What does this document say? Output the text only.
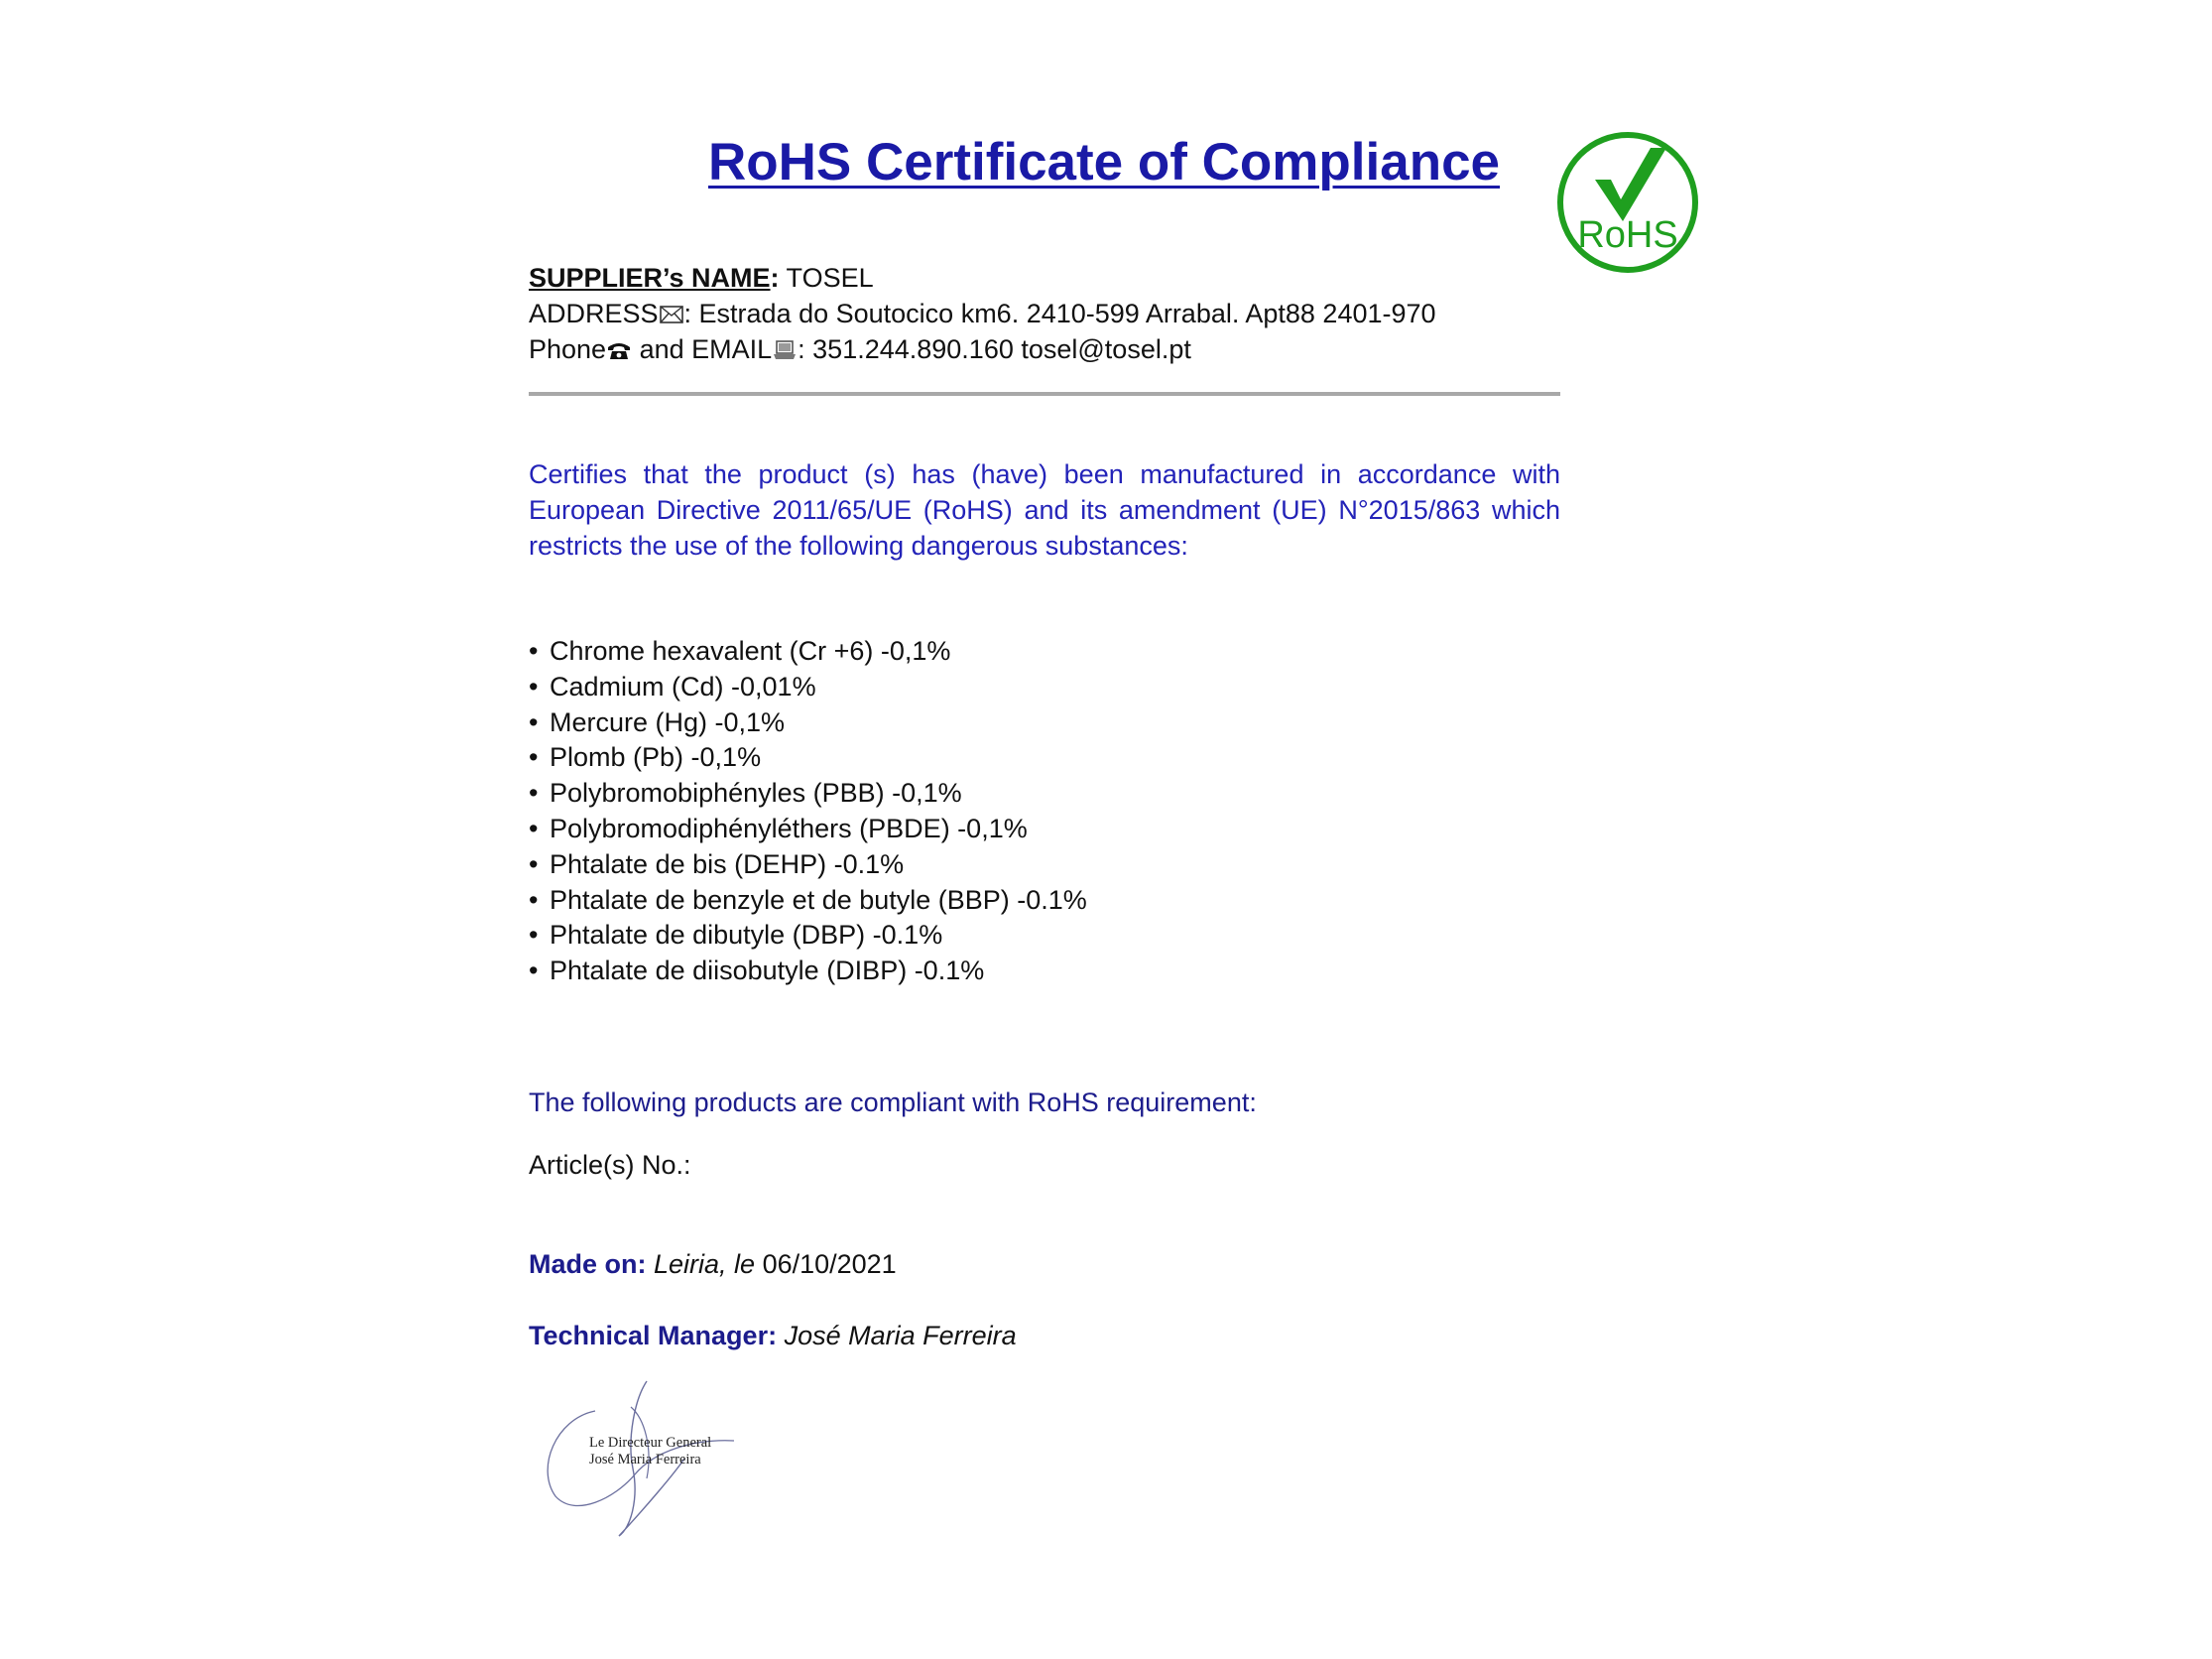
RoHS Certificate of Compliance
RoHS
SUPPLIER’s NAME: TOSEL
ADDRESS : Estrada do Soutocico km6. 2410-599 Arrabal. Apt88 2401-970
Phone and EMAIL : 351.244.890.160 tosel@tosel.pt
Certifies that the product (s) has (have) been manufactured in accordance with European Directive 2011/65/UE (RoHS) and its amendment (UE) N°2015/863 which restricts the use of the following dangerous substances:
• Chrome hexavalent (Cr +6) -0,1%
• Cadmium (Cd) -0,01%
• Mercure (Hg) -0,1%
• Plomb (Pb) -0,1%
• Polybromobiphényles (PBB) -0,1%
• Polybromodiphényléthers (PBDE) -0,1%
• Phtalate de bis (DEHP) -0.1%
• Phtalate de benzyle et de butyle (BBP) -0.1%
• Phtalate de dibutyle (DBP) -0.1%
• Phtalate de diisobutyle (DIBP) -0.1%
The following products are compliant with RoHS requirement:
Article(s) No.:
Made on: Leiria, le 06/10/2021
Technical Manager: José Maria Ferreira
Le Directeur General
José Maria Ferreira
